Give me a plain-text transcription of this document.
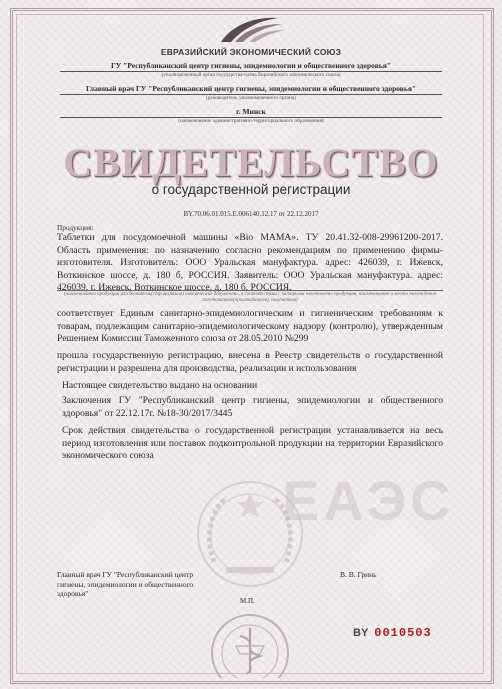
ЕВРАЗИЙСКИЙ ЭКОНОМИЧЕСКИЙ СОЮЗ
ГУ "Республиканский центр гигиены, эпидемиологии и общественного здоровья"
(уполномоченный орган государства-члена Евразийского экономического союза)
Главный врач ГУ "Республиканский центр гигиены, эпидемиологии и общественного здоровья"
(руководитель уполномоченного органа)
г. Минск
(наименование административно-территориального образования)
СВИДЕТЕЛЬСТВО
о государственной регистрации
BY.70.06.01.015.E.006140.12.17 от 22.12.2017
Продукция:
Таблетки для посудомоечной машины «Bio MAMA». ТУ 20.41.32-008-29961200-2017. Область применения: по назначению согласно рекомендациям по применению фирмы-изготовителя. Изготовитель: ООО Уральская мануфактура. адрес: 426039, г. Ижевск, Воткинское шоссе, д. 180 б, РОССИЯ. Заявитель: ООО Уральская мануфактура. адрес: 426039, г. Ижевск, Воткинское шоссе, д. 180 б, РОССИЯ.
(наименование продукции,изготовитель(страна)и(или) технические документы, в соответствии с которыми изготовлена продукция, наименование и место нахождения изготовителя(производителя), получателя)
ЕАЭС
соответствует Единым санитарно-эпидемиологическим и гигиеническим требованиям к товарам, подлежащим санитарно-эпидемиологическому надзору (контролю), утвержденным Решением Комиссии Таможенного союза от 28.05.2010 №299
прошла государственную регистрацию, внесена в Реестр свидетельств о государственной регистрации и разрешена для производства, реализации и использования
Настоящее свидетельство выдано на основании
Заключения ГУ "Республиканский центр гигиены, эпидемиологии и общественного здоровья" от 22.12.17г. №18-30/2017/3445
Срок действия свидетельства о государственной регистрации устанавливается на весь период изготовления или поставок подконтрольной продукции на территории Евразийского экономического союза
Главный врач ГУ "Республиканский центр гигиены, эпидемиологии и общественного здоровья"
В. В. Гринь
М.П.
BY 0010503
